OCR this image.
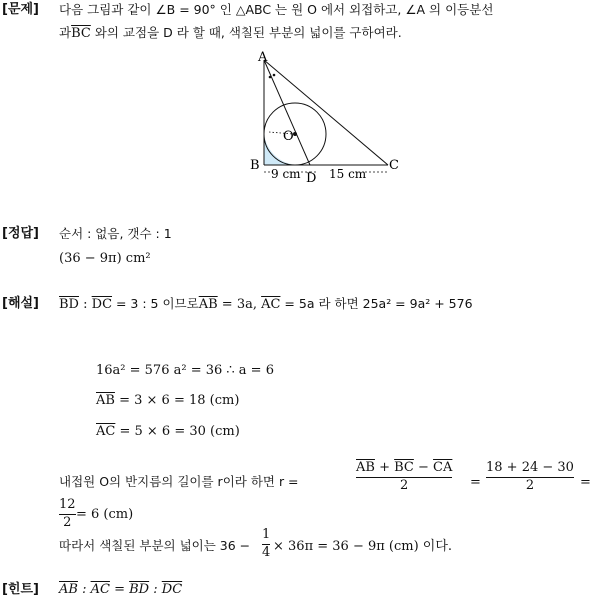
[문제] 다음 그림과 같이 ∠B = 90° 인 △ABC 는 원 O 에서 외접하고, ∠A 의 이등분선
과$\overline{BC}$ 와의 교점을 D 라 할 때, 색칠된 부분의 넓이를 구하여라.
A
B	C
D
O
9 cm 15 cm
[정답] 순서 : 없음, 갯수 : 1
(36 − 9π) cm²
[해설] $\overline{BD}$ : $\overline{DC} = 3$ : 5 이므로$\overline{AB} = 3a$, $\overline{AC} = 5a$ 라 하면 25a² = 9a² + 576
16a² = 576 a² = 36 ∴ a = 6
$\overline{AB} = 3 \times 6 = 18$ (cm)
$\overline{AC} = 5 \times 6 = 30$ (cm)
내접원 O의 반지름의 길이를 r이라 하면 r =
$\overline{AB} + \overline{BC} - \overline{CA}$
2	=
18 + 24 − 30
2	=
12
2
= 6 (cm)
따라서 색칠된 부분의 넓이는 36 −
1
4 × 36π = 36 − 9π (cm) 이다.
[힌트] $\overline{AB}$ : $\overline{AC} = \overline{BD}$ : $\overline{DC}$
